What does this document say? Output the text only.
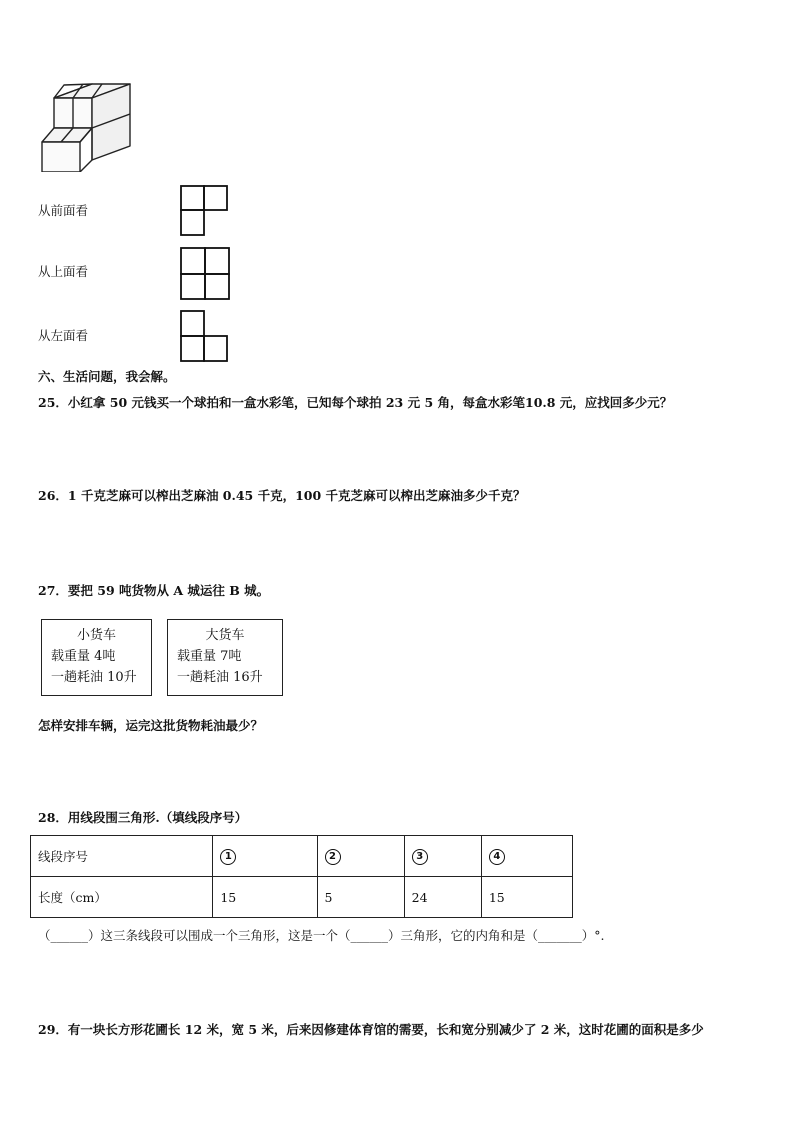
从前面看
从上面看
从左面看
六、生活问题，我会解。
25．小红拿 50 元钱买一个球拍和一盒水彩笔，已知每个球拍 23 元 5 角，每盒水彩笔10.8 元，应找回多少元？
26．1 千克芝麻可以榨出芝麻油 0.45 千克，100 千克芝麻可以榨出芝麻油多少千克？
27．要把 59 吨货物从 A 城运往 B 城。
小货车
载重量 4吨
一趟耗油 10升
大货车
载重量 7吨
一趟耗油 16升
怎样安排车辆，运完这批货物耗油最少？
28．用线段围三角形.（填线段序号）
线段序号	1	2	3	4
长度（cm）	15	5	24	15
（______）这三条线段可以围成一个三角形，这是一个（______）三角形，它的内角和是（_______）°.
29．有一块长方形花圃长 12 米，宽 5 米，后来因修建体育馆的需要，长和宽分别减少了 2 米，这时花圃的面积是多少
